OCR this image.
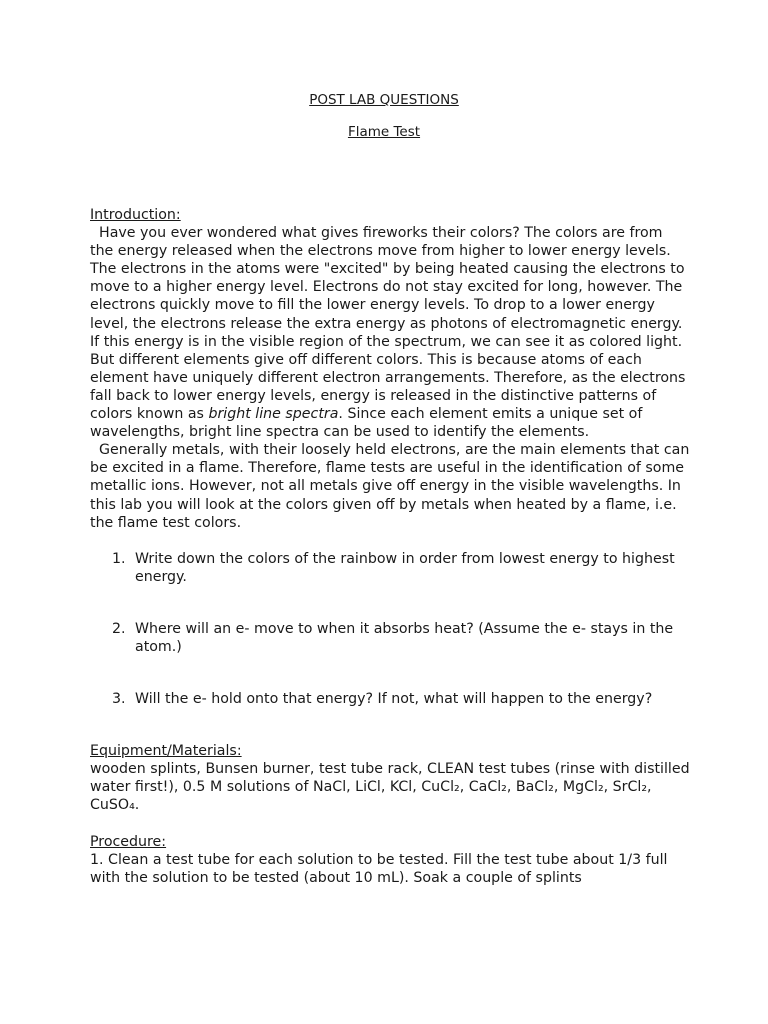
POST LAB QUESTIONS
Flame Test
Introduction:
Have you ever wondered what gives fireworks their colors? The colors are from the energy released when the electrons move from higher to lower energy levels. The electrons in the atoms were "excited" by being heated causing the electrons to move to a higher energy level. Electrons do not stay excited for long, however. The electrons quickly move to fill the lower energy levels. To drop to a lower energy level, the electrons release the extra energy as photons of electromagnetic energy. If this energy is in the visible region of the spectrum, we can see it as colored light. But different elements give off different colors. This is because atoms of each element have uniquely different electron arrangements. Therefore, as the electrons fall back to lower energy levels, energy is released in the distinctive patterns of colors known as bright line spectra. Since each element emits a unique set of wavelengths, bright line spectra can be used to identify the elements.
Generally metals, with their loosely held electrons, are the main elements that can be excited in a flame. Therefore, flame tests are useful in the identification of some metallic ions. However, not all metals give off energy in the visible wavelengths. In this lab you will look at the colors given off by metals when heated by a flame, i.e. the flame test colors.
1. Write down the colors of the rainbow in order from lowest energy to highest energy.
2. Where will an e- move to when it absorbs heat? (Assume the e- stays in the atom.)
3. Will the e- hold onto that energy? If not, what will happen to the energy?
Equipment/Materials:
wooden splints, Bunsen burner, test tube rack, CLEAN test tubes (rinse with distilled water first!), 0.5 M solutions of NaCl, LiCl, KCl, CuCl₂, CaCl₂, BaCl₂, MgCl₂, SrCl₂, CuSO₄.
Procedure:
1. Clean a test tube for each solution to be tested. Fill the test tube about 1/3 full with the solution to be tested (about 10 mL). Soak a couple of splints
